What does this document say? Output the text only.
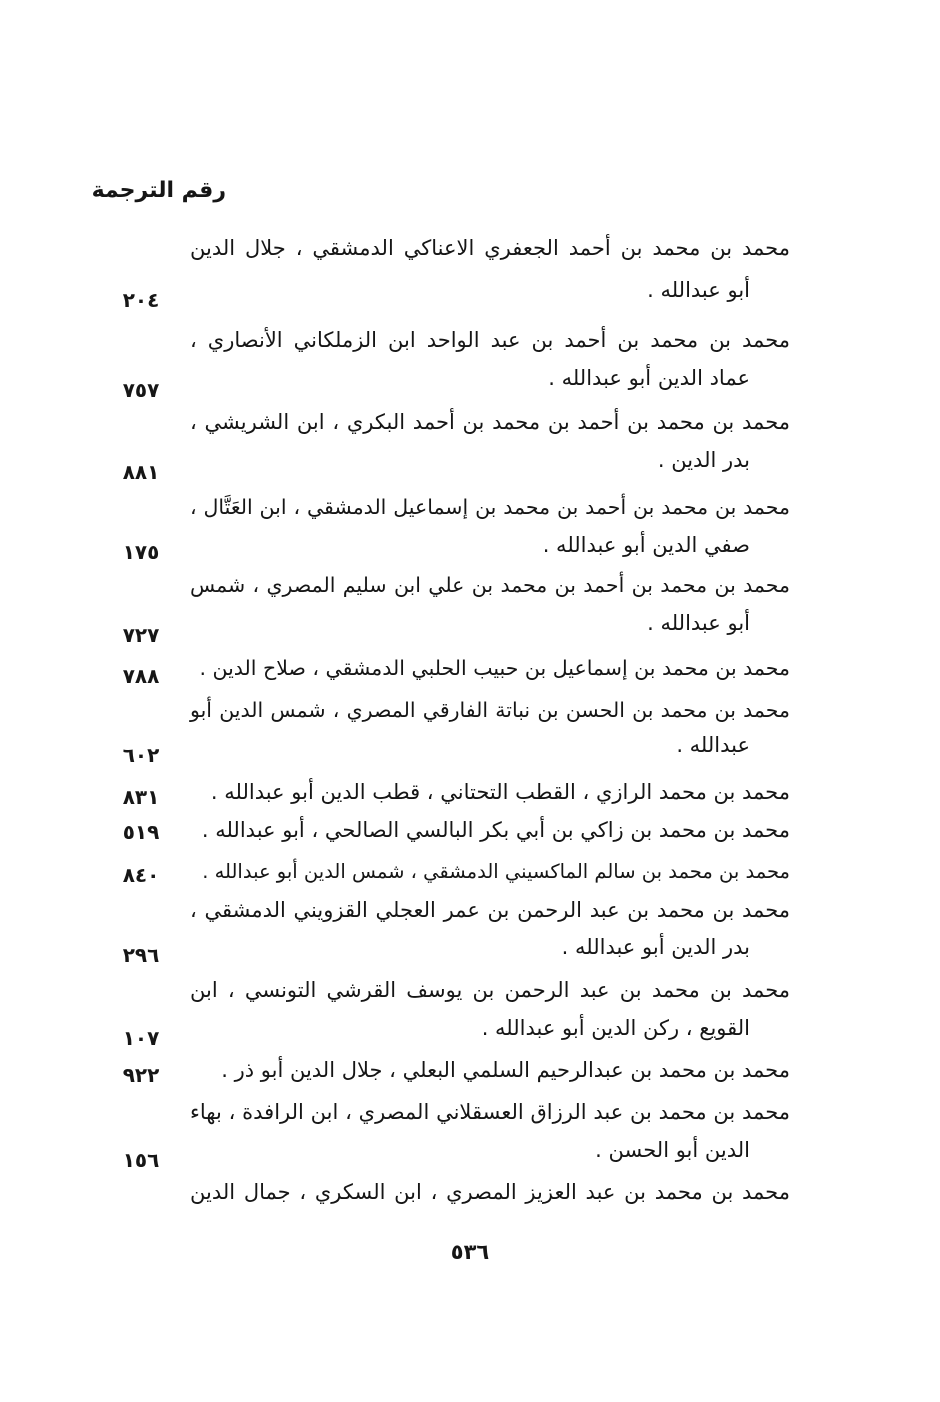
رقم الترجمة
محمد بن محمد بن أحمد الجعفري الاعناكي الدمشقي ، جلال الدين
أبو عبدالله .
٢٠٤
محمد بن محمد بن أحمد بن عبد الواحد ابن الزملكاني الأنصاري ،
عماد الدين أبو عبدالله .
٧٥٧
محمد بن محمد بن أحمد بن محمد بن أحمد البكري ، ابن الشريشي ،
بدر الدين .
٨٨١
محمد بن محمد بن أحمد بن محمد بن إسماعيل الدمشقي ، ابن العَتَّال ،
صفي الدين أبو عبدالله .
١٧٥
محمد بن محمد بن أحمد بن محمد بن علي ابن سليم المصري ، شمس
أبو عبدالله .
٧٢٧
محمد بن محمد بن إسماعيل بن حبيب الحلبي الدمشقي ، صلاح الدين .
٧٨٨
محمد بن محمد بن الحسن بن نباتة الفارقي المصري ، شمس الدين أبو
عبدالله .
٦٠٢
محمد بن محمد الرازي ، القطب التحتاني ، قطب الدين أبو عبدالله .
٨٣١
محمد بن محمد بن زاكي بن أبي بكر البالسي الصالحي ، أبو عبدالله .
٥١٩
محمد بن محمد بن سالم الماكسيني الدمشقي ، شمس الدين أبو عبدالله .
٨٤٠
محمد بن محمد بن عبد الرحمن بن عمر العجلي القزويني الدمشقي ،
بدر الدين أبو عبدالله .
٢٩٦
محمد بن محمد بن عبد الرحمن بن يوسف القرشي التونسي ، ابن
القويع ، ركن الدين أبو عبدالله .
١٠٧
محمد بن محمد بن عبدالرحيم السلمي البعلي ، جلال الدين أبو ذر .
٩٢٢
محمد بن محمد بن عبد الرزاق العسقلاني المصري ، ابن الرافدة ، بهاء
الدين أبو الحسن .
١٥٦
محمد بن محمد بن عبد العزيز المصري ، ابن السكري ، جمال الدين
٥٣٦
